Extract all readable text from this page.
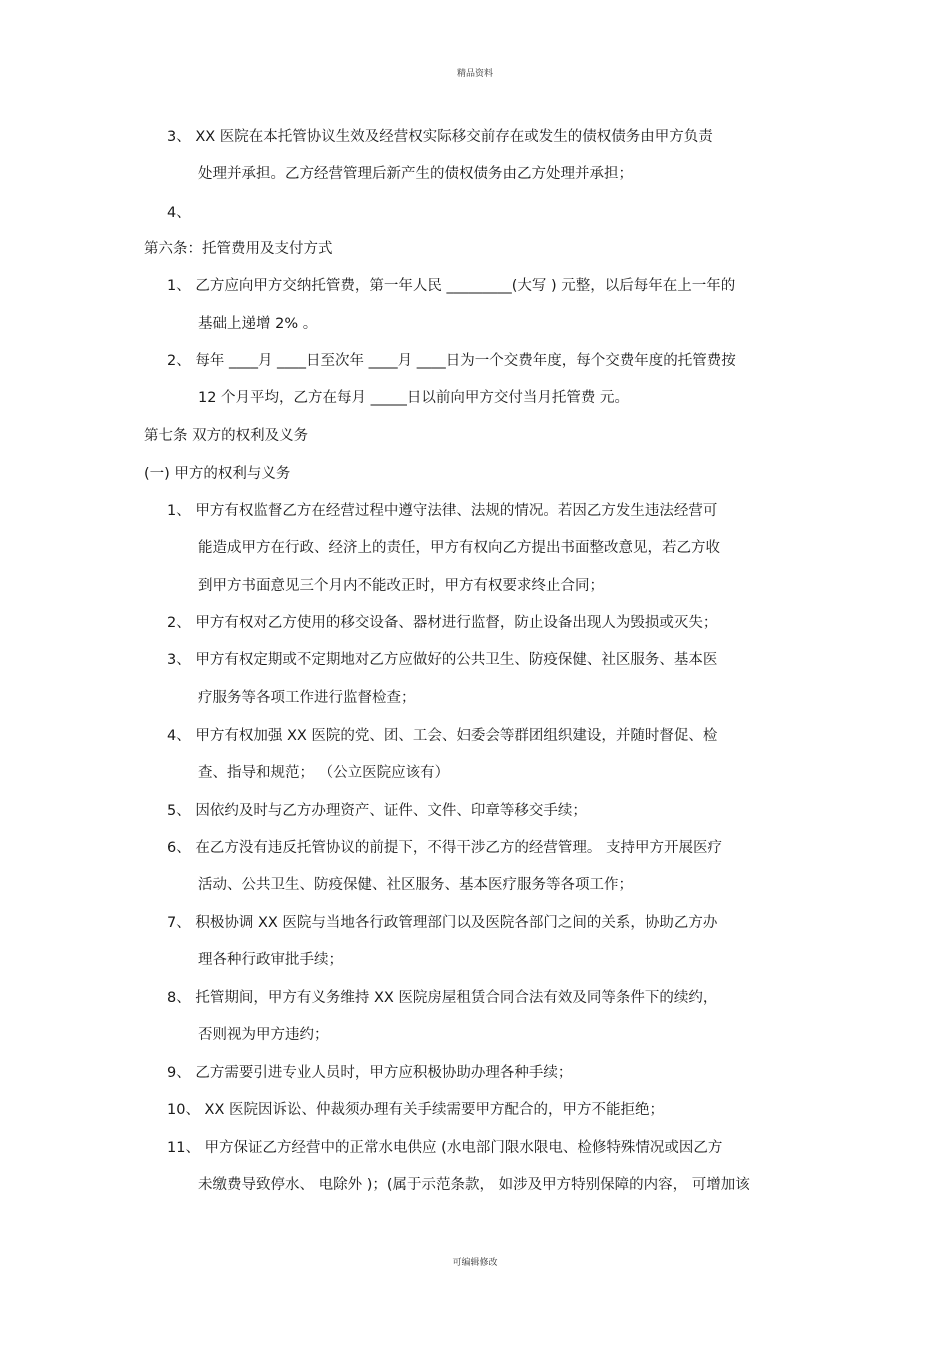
精品资料
3、 XX 医院在本托管协议生效及经营权实际移交前存在或发生的债权债务由甲方负责
处理并承担。乙方经营管理后新产生的债权债务由乙方处理并承担；
4、
第六条：托管费用及支付方式
1、 乙方应向甲方交纳托管费，第一年人民 _________(大写 ) 元整，以后每年在上一年的
基础上递增 2% 。
2、 每年 ____月 ____日至次年 ____月 ____日为一个交费年度，每个交费年度的托管费按
12 个月平均，乙方在每月 _____日以前向甲方交付当月托管费 元。
第七条 双方的权利及义务
(一) 甲方的权利与义务
1、 甲方有权监督乙方在经营过程中遵守法律、法规的情况。若因乙方发生违法经营可
能造成甲方在行政、经济上的责任，甲方有权向乙方提出书面整改意见，若乙方收
到甲方书面意见三个月内不能改正时，甲方有权要求终止合同；
2、 甲方有权对乙方使用的移交设备、器材进行监督，防止设备出现人为毁损或灭失；
3、 甲方有权定期或不定期地对乙方应做好的公共卫生、防疫保健、社区服务、基本医
疗服务等各项工作进行监督检查；
4、 甲方有权加强 XX 医院的党、团、工会、妇委会等群团组织建设，并随时督促、检
查、指导和规范； （公立医院应该有）
5、 因依约及时与乙方办理资产、证件、文件、印章等移交手续；
6、 在乙方没有违反托管协议的前提下，不得干涉乙方的经营管理。 支持甲方开展医疗
活动、公共卫生、防疫保健、社区服务、基本医疗服务等各项工作；
7、 积极协调 XX 医院与当地各行政管理部门以及医院各部门之间的关系，协助乙方办
理各种行政审批手续；
8、 托管期间，甲方有义务维持 XX 医院房屋租赁合同合法有效及同等条件下的续约，
否则视为甲方违约；
9、 乙方需要引进专业人员时，甲方应积极协助办理各种手续；
10、 XX 医院因诉讼、仲裁须办理有关手续需要甲方配合的，甲方不能拒绝；
11、 甲方保证乙方经营中的正常水电供应 (水电部门限水限电、检修特殊情况或因乙方
未缴费导致停水、 电除外 )；(属于示范条款， 如涉及甲方特别保障的内容， 可增加该
可编辑修改
